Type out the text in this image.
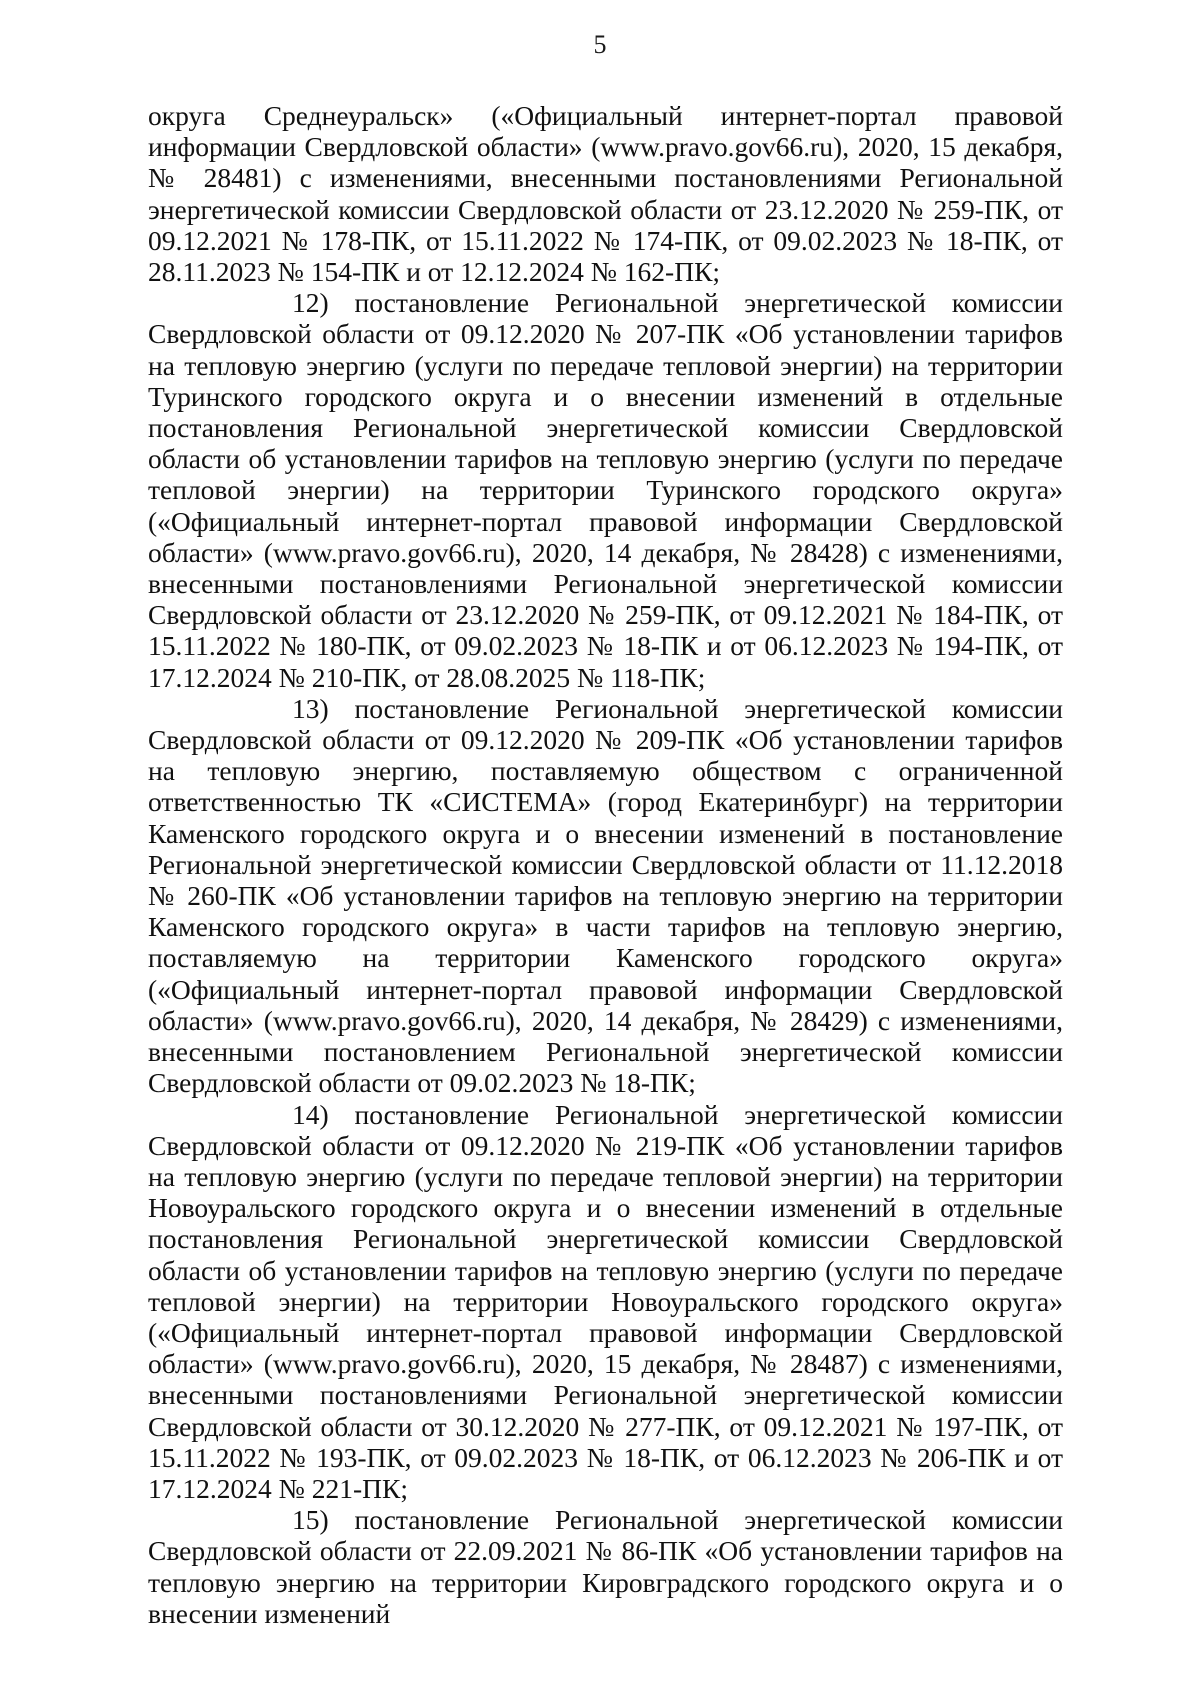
5

округа Среднеуральск» («Официальный интернет-портал правовой информации Свердловской области» (www.pravo.gov66.ru), 2020, 15 декабря, № 28481) с изменениями, внесенными постановлениями Региональной энергетической комиссии Свердловской области от 23.12.2020 № 259-ПК, от 09.12.2021 № 178-ПК, от 15.11.2022 № 174-ПК, от 09.02.2023 № 18-ПК, от 28.11.2023 № 154-ПК и от 12.12.2024 № 162-ПК;

12) постановление Региональной энергетической комиссии Свердловской области от 09.12.2020 № 207-ПК «Об установлении тарифов на тепловую энергию (услуги по передаче тепловой энергии) на территории Туринского городского округа и о внесении изменений в отдельные постановления Региональной энергетической комиссии Свердловской области об установлении тарифов на тепловую энергию (услуги по передаче тепловой энергии) на территории Туринского городского округа» («Официальный интернет-портал правовой информации Свердловской области» (www.pravo.gov66.ru), 2020, 14 декабря, № 28428) с изменениями, внесенными постановлениями Региональной энергетической комиссии Свердловской области от 23.12.2020 № 259-ПК, от 09.12.2021 № 184-ПК, от 15.11.2022 № 180-ПК, от 09.02.2023 № 18-ПК и от 06.12.2023 № 194-ПК, от 17.12.2024 № 210-ПК, от 28.08.2025 № 118-ПК;

13) постановление Региональной энергетической комиссии Свердловской области от 09.12.2020 № 209-ПК «Об установлении тарифов на тепловую энергию, поставляемую обществом с ограниченной ответственностью ТК «СИСТЕМА» (город Екатеринбург) на территории Каменского городского округа и о внесении изменений в постановление Региональной энергетической комиссии Свердловской области от 11.12.2018 № 260-ПК «Об установлении тарифов на тепловую энергию на территории Каменского городского округа» в части тарифов на тепловую энергию, поставляемую на территории Каменского городского округа» («Официальный интернет-портал правовой информации Свердловской области» (www.pravo.gov66.ru), 2020, 14 декабря, № 28429) с изменениями, внесенными постановлением Региональной энергетической комиссии Свердловской области от 09.02.2023 № 18-ПК;

14) постановление Региональной энергетической комиссии Свердловской области от 09.12.2020 № 219-ПК «Об установлении тарифов на тепловую энергию (услуги по передаче тепловой энергии) на территории Новоуральского городского округа и о внесении изменений в отдельные постановления Региональной энергетической комиссии Свердловской области об установлении тарифов на тепловую энергию (услуги по передаче тепловой энергии) на территории Новоуральского городского округа» («Официальный интернет-портал правовой информации Свердловской области» (www.pravo.gov66.ru), 2020, 15 декабря, № 28487) с изменениями, внесенными постановлениями Региональной энергетической комиссии Свердловской области от 30.12.2020 № 277-ПК, от 09.12.2021 № 197-ПК, от 15.11.2022 № 193-ПК, от 09.02.2023 № 18-ПК, от 06.12.2023 № 206-ПК и от 17.12.2024 № 221-ПК;

15) постановление Региональной энергетической комиссии Свердловской области от 22.09.2021 № 86-ПК «Об установлении тарифов на тепловую энергию на территории Кировградского городского округа и о внесении изменений
